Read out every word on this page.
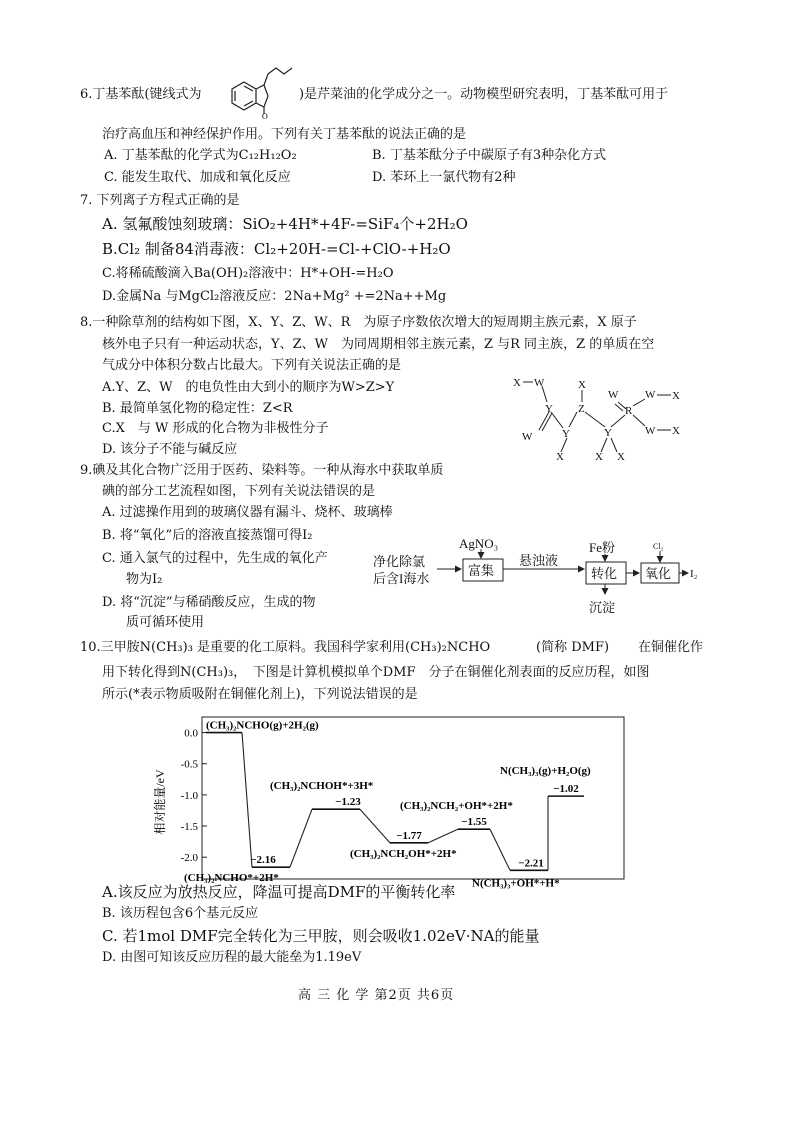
6.丁基苯酞(键线式为
O
)是芹菜油的化学成分之一。动物模型研究表明，丁基苯酞可用于
治疗高血压和神经保护作用。下列有关丁基苯酞的说法正确的是
A. 丁基苯酞的化学式为C₁₂H₁₂O₂	B. 丁基苯酞分子中碳原子有3种杂化方式
C. 能发生取代、加成和氧化反应	D. 苯环上一氯代物有2种
7. 下列离子方程式正确的是
A. 氢氟酸蚀刻玻璃：SiO₂+4H*+4F-=SiF₄个+2H₂O
B.Cl₂ 制备84消毒液：Cl₂+20H-=Cl-+ClO-+H₂O
C.将稀硫酸滴入Ba(OH)₂溶液中：H*+OH-=H₂O
D.金属Na 与MgCl₂溶液反应：2Na+Mg² +=2Na++Mg
8.一种除草剂的结构如下图，X、Y、Z、W、R　为原子序数依次增大的短周期主族元素，X 原子
核外电子只有一种运动状态，Y、Z、W　为同周期相邻主族元素，Z 与R 同主族，Z 的单质在空
气成分中体积分数占比最大。下列有关说法正确的是
A.Y、Z、W　的电负性由大到小的顺序为W>Z>Y
B. 最简单氢化物的稳定性：Z<R
C.X　与 W 形成的化合物为非极性分子
D. 该分子不能与碱反应
X W
Y
W	Y
X
X
Z
Y
X X
W
R
W X
W X
9.碘及其化合物广泛用于医药、染料等。一种从海水中获取单质
碘的部分工艺流程如图，下列有关说法错误的是
A. 过滤操作用到的玻璃仪器有漏斗、烧杯、玻璃棒
B. 将“氧化”后的溶液直接蒸馏可得I₂
C. 通入氯气的过程中，先生成的氧化产
物为I₂
D. 将“沉淀”与稀硝酸反应，生成的物
质可循环使用
净化除氯
后含I海水
AgNO₃
富集
悬浊液
Fe粉
转化 氧化 I₂
沉淀
Cl₂
10.三甲胺N(CH₃)₃ 是重要的化工原料。我国科学家利用(CH₃)₂NCHO	(简称 DMF) 在铜催化作
用下转化得到N(CH₃)₃，　下图是计算机模拟单个DMF　分子在铜催化剂表面的反应历程，如图
所示(*表示物质吸附在铜催化剂上)，下列说法错误的是
相对能量/eV
0.0
-0.5
-1.0
-1.5
-2.0
(CH₃)₂NCHO(g)+2H₂(g)
(CH₃)₂NCHO*+2H*
−2.16
(CH₃)₂NCHOH*+3H*
−1.23
(CH₃)₂NCH₂OH*+2H*
−1.77
(CH₃)₂NCH₂+OH*+2H*
−1.55
N(CH₃)₃+OH*+H*
−2.21
N(CH₃)₃(g)+H₂O(g)
−1.02
A.该反应为放热反应，降温可提高DMF的平衡转化率
B. 该历程包含6个基元反应
C. 若1mol DMF完全转化为三甲胺，则会吸收1.02eV·NA的能量
D. 由图可知该反应历程的最大能垒为1.19eV
高 三 化 学 第2页 共6页
